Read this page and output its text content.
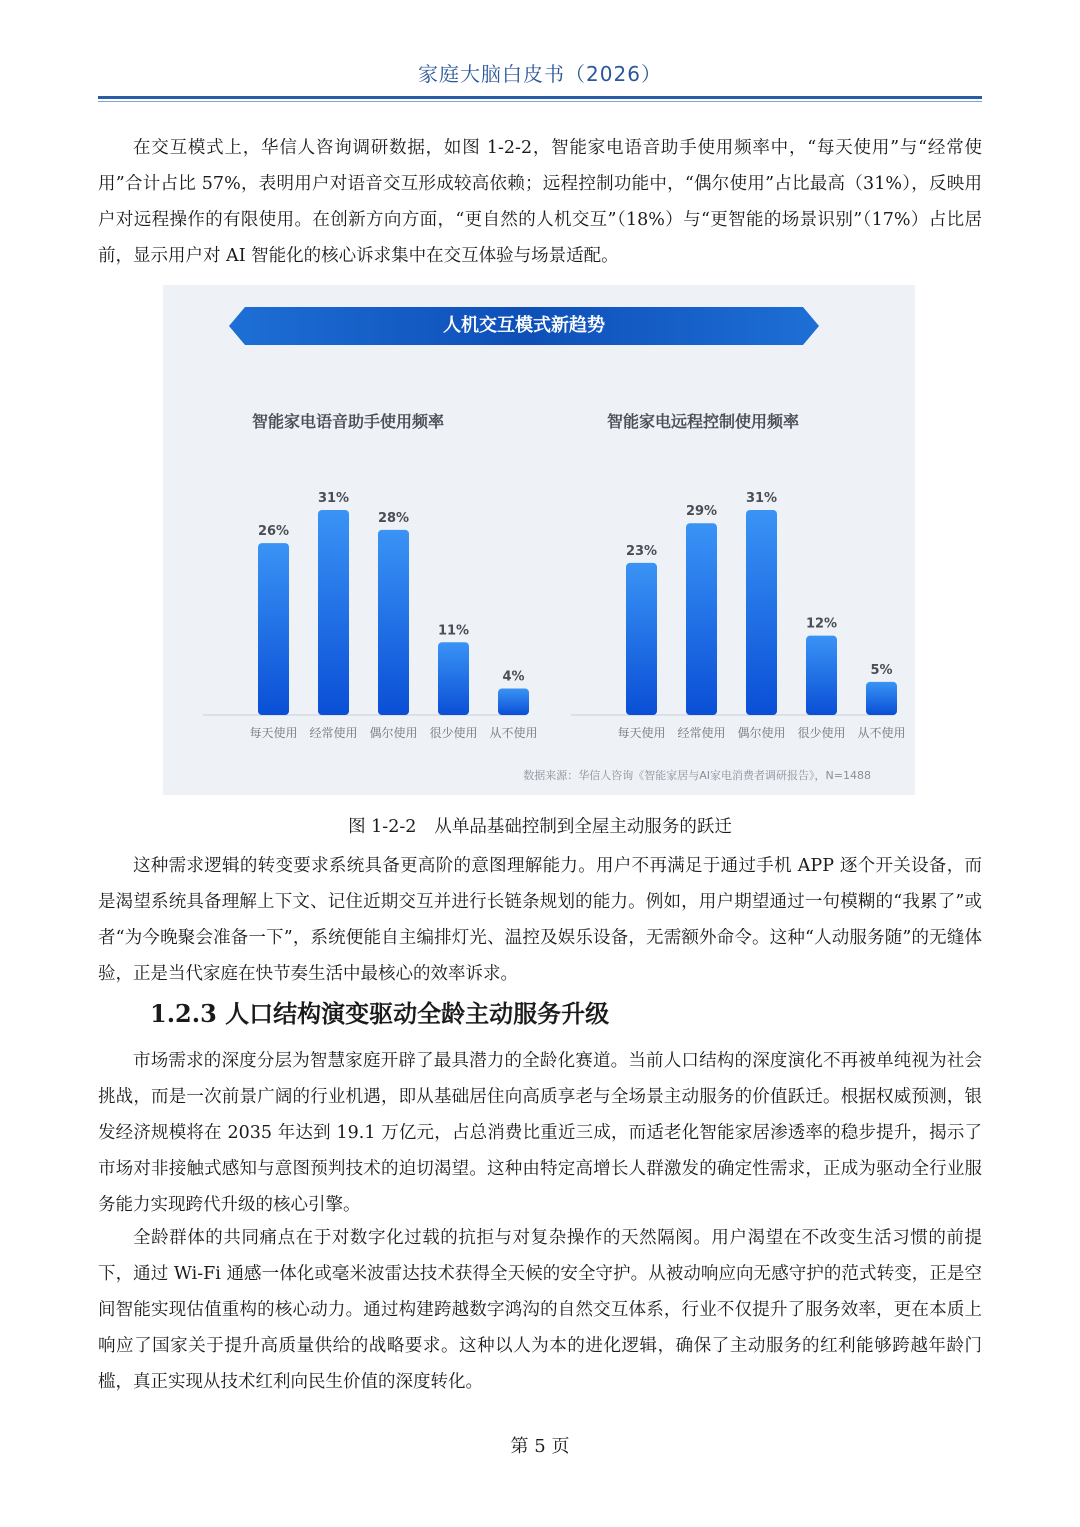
家庭大脑白皮书（2026）

在交互模式上，华信人咨询调研数据，如图 1-2-2，智能家电语音助手使用频率中，“每天使用”与“经常使用”合计占比 57%，表明用户对语音交互形成较高依赖；远程控制功能中，“偶尔使用”占比最高（31%），反映用户对远程操作的有限使用。在创新方向方面，“更自然的人机交互”（18%）与“更智能的场景识别”（17%）占比居前，显示用户对 AI 智能化的核心诉求集中在交互体验与场景适配。

人机交互模式新趋势
智能家电语音助手使用频率
26%
每天使用
31%
经常使用
28%
偶尔使用
11%
很少使用
4%
从不使用
智能家电远程控制使用频率
23%
每天使用
29%
经常使用
31%
偶尔使用
12%
很少使用
5%
从不使用
数据来源：华信人咨询《智能家居与AI家电消费者调研报告》，N=1488
图 1-2-2 从单品基础控制到全屋主动服务的跃迁

这种需求逻辑的转变要求系统具备更高阶的意图理解能力。用户不再满足于通过手机 APP 逐个开关设备，而是渴望系统具备理解上下文、记住近期交互并进行长链条规划的能力。例如，用户期望通过一句模糊的“我累了”或者“为今晚聚会准备一下”，系统便能自主编排灯光、温控及娱乐设备，无需额外命令。这种“人动服务随”的无缝体验，正是当代家庭在快节奏生活中最核心的效率诉求。

1.2.3 人口结构演变驱动全龄主动服务升级

市场需求的深度分层为智慧家庭开辟了最具潜力的全龄化赛道。当前人口结构的深度演化不再被单纯视为社会挑战，而是一次前景广阔的行业机遇，即从基础居住向高质享老与全场景主动服务的价值跃迁。根据权威预测，银发经济规模将在 2035 年达到 19.1 万亿元，占总消费比重近三成，而适老化智能家居渗透率的稳步提升，揭示了市场对非接触式感知与意图预判技术的迫切渴望。这种由特定高增长人群激发的确定性需求，正成为驱动全行业服务能力实现跨代升级的核心引擎。

全龄群体的共同痛点在于对数字化过载的抗拒与对复杂操作的天然隔阂。用户渴望在不改变生活习惯的前提下，通过 Wi-Fi 通感一体化或毫米波雷达技术获得全天候的安全守护。从被动响应向无感守护的范式转变，正是空间智能实现估值重构的核心动力。通过构建跨越数字鸿沟的自然交互体系，行业不仅提升了服务效率，更在本质上响应了国家关于提升高质量供给的战略要求。这种以人为本的进化逻辑，确保了主动服务的红利能够跨越年龄门槛，真正实现从技术红利向民生价值的深度转化。

第 5 页
